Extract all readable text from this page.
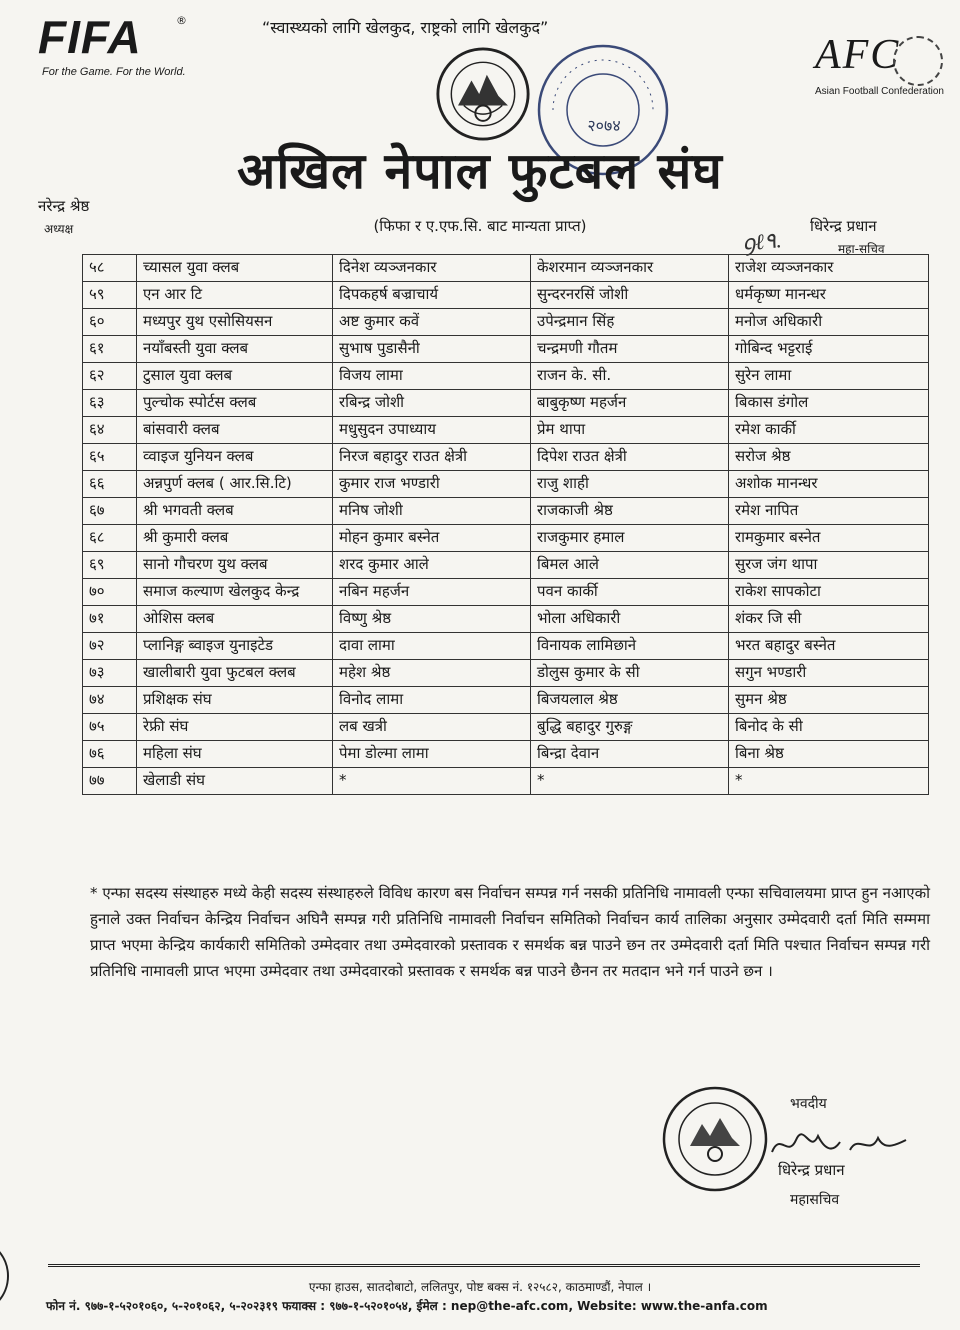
FIFA	®
For the Game. For the World.
“स्वास्थ्यको लागि खेलकुद, राष्ट्रको लागि खेलकुद”
AFC
Asian Football Confederation
२०७४
अखिल नेपाल फुटबल संघ
नरेन्द्र श्रेष्ठ
अध्यक्ष	(फिफा र ए.एफ.सि. बाट मान्यता प्राप्त)
ꝯℓ۹.
धिरेन्द्र प्रधान
महा-सचिव
५८	च्यासल युवा क्लब	दिनेश व्यञ्जनकार	केशरमान व्यञ्जनकार	राजेश व्यञ्जनकार
५९	एन आर टि	दिपकहर्ष बज्राचार्य	सुन्दरनरसिं जोशी	धर्मकृष्ण मानन्धर
६०	मध्यपुर युथ एसोसियसन	अष्ट कुमार कवें	उपेन्द्रमान सिंह	मनोज अधिकारी
६१	नयाँबस्ती युवा क्लब	सुभाष पुडासैनी	चन्द्रमणी गौतम	गोबिन्द भट्टराई
६२	टुसाल युवा क्लब	विजय लामा	राजन के. सी.	सुरेन लामा
६३	पुल्चोक स्पोर्टस क्लब	रबिन्द्र जोशी	बाबुकृष्ण महर्जन	बिकास डंगोल
६४	बांसवारी क्लब	मधुसुदन उपाध्याय	प्रेम थापा	रमेश कार्की
६५	व्वाइज युनियन क्लब	निरज बहादुर राउत क्षेत्री	दिपेश राउत क्षेत्री	सरोज श्रेष्ठ
६६	अन्नपुर्ण क्लब ( आर.सि.टि)	कुमार राज भण्डारी	राजु शाही	अशोक मानन्धर
६७	श्री भगवती क्लब	मनिष जोशी	राजकाजी श्रेष्ठ	रमेश नापित
६८	श्री कुमारी क्लब	मोहन कुमार बस्नेत	राजकुमार हमाल	रामकुमार बस्नेत
६९	सानो गौचरण युथ क्लब	शरद कुमार आले	बिमल आले	सुरज जंग थापा
७०	समाज कल्याण खेलकुद केन्द्र	नबिन महर्जन	पवन कार्की	राकेश सापकोटा
७१	ओशिस क्लब	विष्णु श्रेष्ठ	भोला अधिकारी	शंकर जि सी
७२	प्लानिङ्ग ब्वाइज युनाइटेड	दावा लामा	विनायक लामिछाने	भरत बहादुर बस्नेत
७३	खालीबारी युवा फुटबल क्लब	महेश श्रेष्ठ	डोलुस कुमार के सी	सगुन भण्डारी
७४	प्रशिक्षक संघ	विनोद लामा	बिजयलाल श्रेष्ठ	सुमन श्रेष्ठ
७५	रेफ्री संघ	लब खत्री	बुद्धि बहादुर गुरुङ्ग	बिनोद के सी
७६	महिला संघ	पेमा डोल्मा लामा	बिन्द्रा देवान	बिना श्रेष्ठ
७७	खेलाडी संघ	*	*	*
* एन्फा सदस्य संस्थाहरु मध्ये केही सदस्य संस्थाहरुले विविध कारण बस निर्वाचन सम्पन्न गर्न नसकी प्रतिनिधि नामावली एन्फा सचिवालयमा प्राप्त हुन नआएको हुनाले उक्त निर्वाचन केन्द्रिय निर्वाचन अघिनै सम्पन्न गरी प्रतिनिधि नामावली निर्वाचन समितिको निर्वाचन कार्य तालिका अनुसार उम्मेदवारी दर्ता मिति सम्ममा प्राप्त भएमा केन्द्रिय कार्यकारी समितिको उम्मेदवार तथा उम्मेदवारको प्रस्तावक र समर्थक बन्न पाउने छन तर उम्मेदवारी दर्ता मिति पश्चात निर्वाचन सम्पन्न गरी प्रतिनिधि नामावली प्राप्त भएमा उम्मेदवार तथा उम्मेदवारको प्रस्तावक र समर्थक बन्न पाउने छैनन तर मतदान भने गर्न पाउने छन ।
भवदीय
धिरेन्द्र प्रधान
महासचिव
एन्फा हाउस, सातदोबाटो, ललितपुर, पोष्ट बक्स नं. १२५८२, काठमाण्डौं, नेपाल ।
फोन नं. ९७७-१-५२०१०६०, ५-२०१०६२, ५-२०२३१९ फयाक्स : ९७७-१-५२०१०५४, ईमेल : nep@the-afc.com, Website: www.the-anfa.com
